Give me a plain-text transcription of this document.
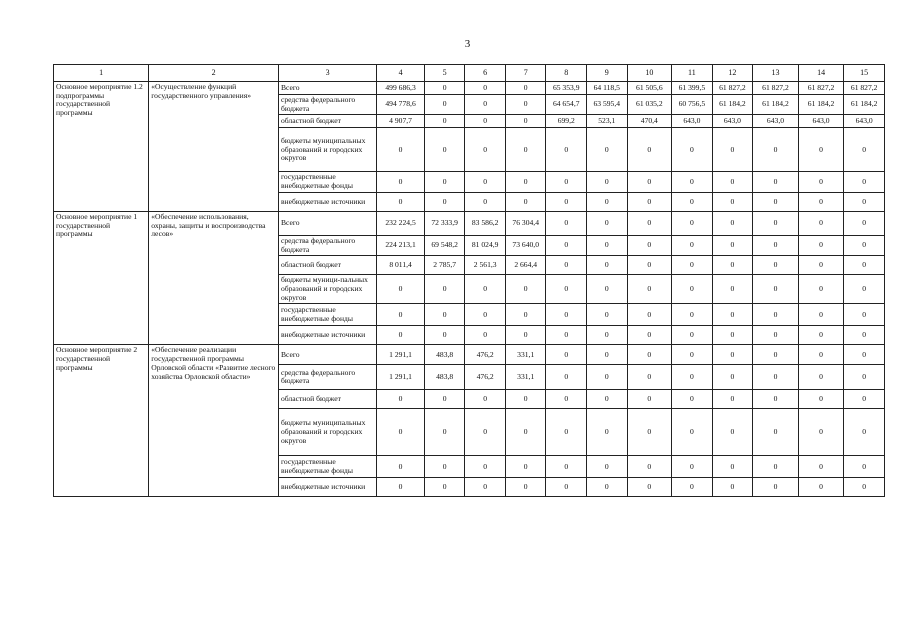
3
1	2	3	4	5	6	7	8	9	10	11	12	13	14	15
Основное мероприятие 1.2 подпрограммы государственной программы	«Осуществление функций государственного управления»	Всего	499 686,3	0	0	0	65 353,9	64 118,5	61 505,6	61 399,5	61 827,2	61 827,2	61 827,2	61 827,2
		средства федерального бюджета	494 778,6	0	0	0	64 654,7	63 595,4	61 035,2	60 756,5	61 184,2	61 184,2	61 184,2	61 184,2
		областной бюджет	4 907,7	0	0	0	699,2	523,1	470,4	643,0	643,0	643,0	643,0	643,0
		бюджеты муниципальных образований и городских округов	0	0	0	0	0	0	0	0	0	0	0	0
		государственные внебюджетные фонды	0	0	0	0	0	0	0	0	0	0	0	0
		внебюджетные источники	0	0	0	0	0	0	0	0	0	0	0	0
Основное мероприятие 1 государственной программы	«Обеспечение использования, охраны, защиты и воспроизводства лесов»	Всего	232 224,5	72 333,9	83 586,2	76 304,4	0	0	0	0	0	0	0	0
		средства федерального бюджета	224 213,1	69 548,2	81 024,9	73 640,0	0	0	0	0	0	0	0	0
		областной бюджет	8 011,4	2 785,7	2 561,3	2 664,4	0	0	0	0	0	0	0	0
		бюджеты муници-пальных образований и городских округов	0	0	0	0	0	0	0	0	0	0	0	0
		государственные внебюджетные фонды	0	0	0	0	0	0	0	0	0	0	0	0
		внебюджетные источники	0	0	0	0	0	0	0	0	0	0	0	0
Основное мероприятие 2 государственной программы	«Обеспечение реализации государственной программы Орловской области «Развитие лесного хозяйства Орловской области»	Всего	1 291,1	483,8	476,2	331,1	0	0	0	0	0	0	0	0
		средства федерального бюджета	1 291,1	483,8	476,2	331,1	0	0	0	0	0	0	0	0
		областной бюджет	0	0	0	0	0	0	0	0	0	0	0	0
		бюджеты муниципальных образований и городских округов	0	0	0	0	0	0	0	0	0	0	0	0
		государственные внебюджетные фонды	0	0	0	0	0	0	0	0	0	0	0	0
		внебюджетные источники	0	0	0	0	0	0	0	0	0	0	0	0
